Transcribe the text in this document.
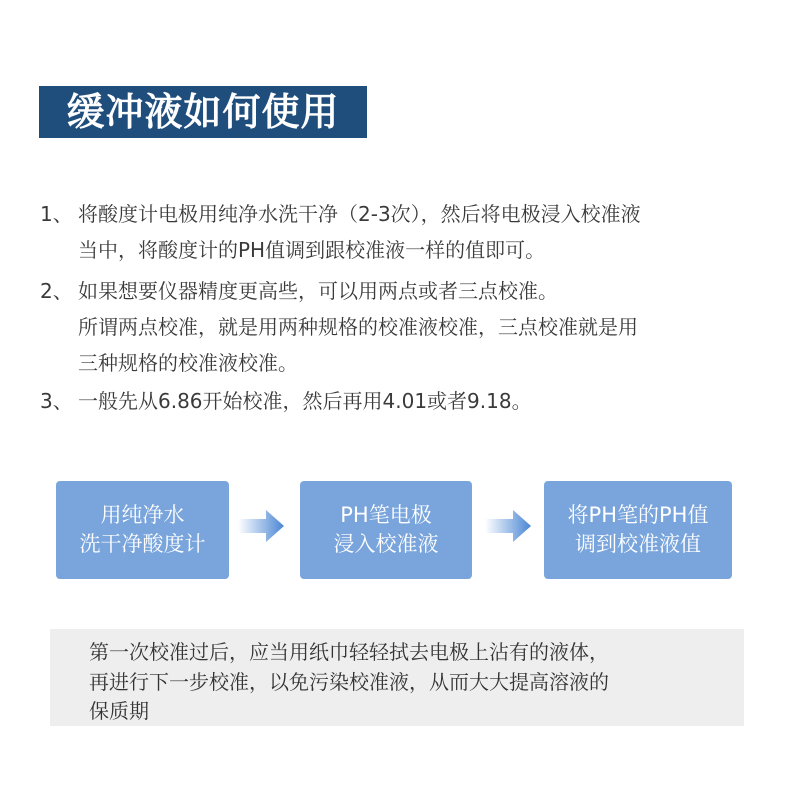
缓冲液如何使用
1、 将酸度计电极用纯净水洗干净（2-3次），然后将电极浸入校准液
当中，将酸度计的PH值调到跟校准液一样的值即可。
2、 如果想要仪器精度更高些，可以用两点或者三点校准。
所谓两点校准，就是用两种规格的校准液校准，三点校准就是用
三种规格的校准液校准。
3、 一般先从6.86开始校准，然后再用4.01或者9.18。
用纯净水
洗干净酸度计
PH笔电极
浸入校准液
将PH笔的PH值
调到校准液值
第一次校准过后，应当用纸巾轻轻拭去电极上沾有的液体，
再进行下一步校准，以免污染校准液，从而大大提高溶液的
保质期
